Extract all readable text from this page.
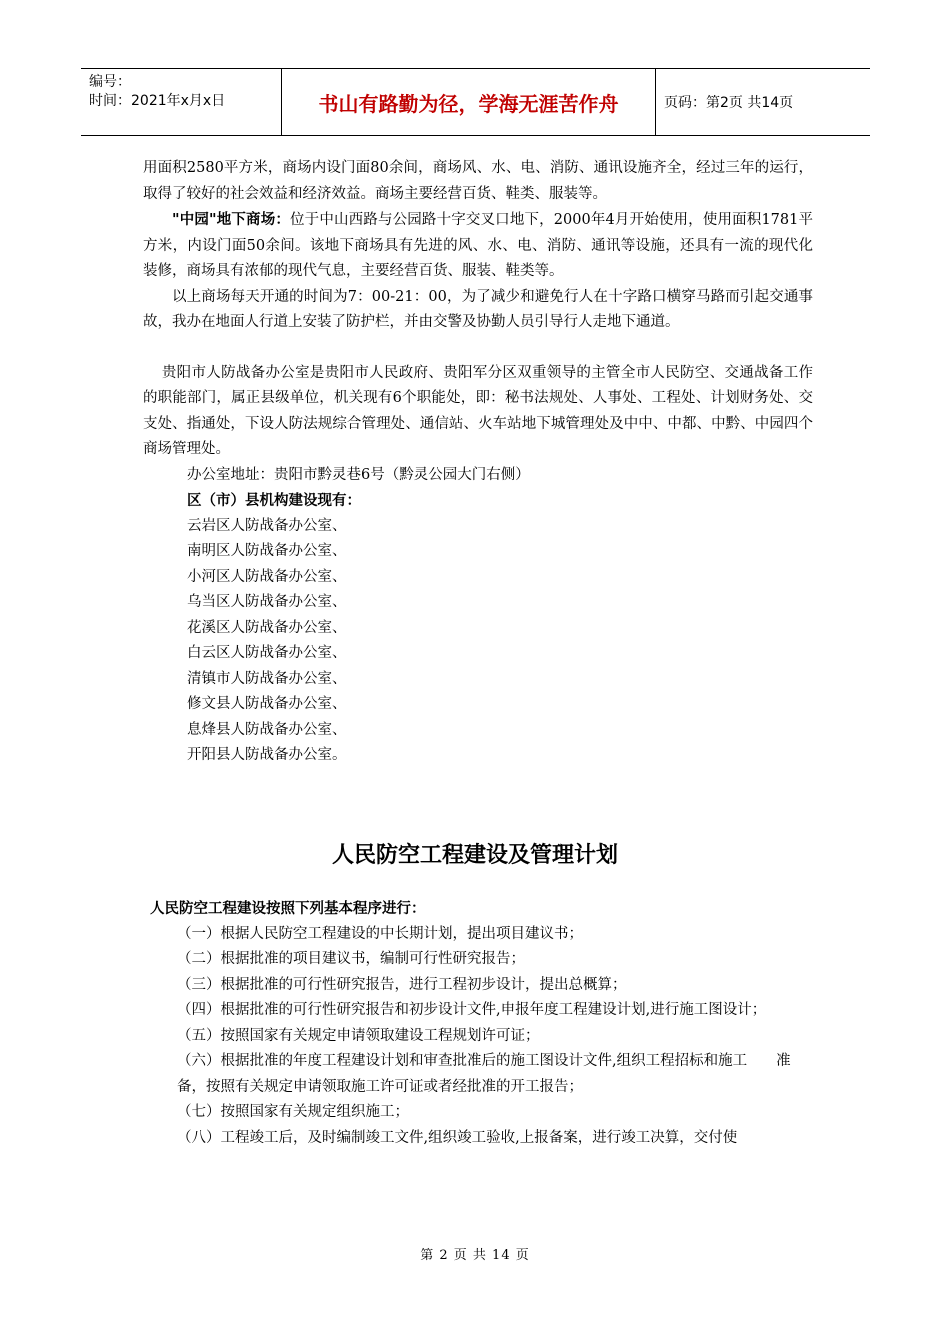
编号：
时间：2021年x月x日	书山有路勤为径，学海无涯苦作舟	页码：第2页 共14页

用面积2580平方米，商场内设门面80余间，商场风、水、电、消防、通讯设施齐全，经过三年的运行，取得了较好的社会效益和经济效益。商场主要经营百货、鞋类、服装等。

"中园"地下商场：位于中山西路与公园路十字交叉口地下，2000年4月开始使用，使用面积1781平方米，内设门面50余间。该地下商场具有先进的风、水、电、消防、通讯等设施，还具有一流的现代化装修，商场具有浓郁的现代气息，主要经营百货、服装、鞋类等。

以上商场每天开通的时间为7：00-21：00，为了减少和避免行人在十字路口横穿马路而引起交通事故，我办在地面人行道上安装了防护栏，并由交警及协勤人员引导行人走地下通道。

贵阳市人防战备办公室是贵阳市人民政府、贵阳军分区双重领导的主管全市人民防空、交通战备工作的职能部门，属正县级单位，机关现有6个职能处，即：秘书法规处、人事处、工程处、计划财务处、交支处、指通处，下设人防法规综合管理处、通信站、火车站地下城管理处及中中、中都、中黔、中园四个商场管理处。

办公室地址：贵阳市黔灵巷6号（黔灵公园大门右侧）

区（市）县机构建设现有：

云岩区人防战备办公室、

南明区人防战备办公室、

小河区人防战备办公室、

乌当区人防战备办公室、

花溪区人防战备办公室、

白云区人防战备办公室、

清镇市人防战备办公室、

修文县人防战备办公室、

息烽县人防战备办公室、

开阳县人防战备办公室。

人民防空工程建设及管理计划

人民防空工程建设按照下列基本程序进行：

（一）根据人民防空工程建设的中长期计划，提出项目建议书；

（二）根据批准的项目建议书，编制可行性研究报告；

（三）根据批准的可行性研究报告，进行工程初步设计，提出总概算；

（四）根据批准的可行性研究报告和初步设计文件,申报年度工程建设计划,进行施工图设计；

（五）按照国家有关规定申请领取建设工程规划许可证；

（六）根据批准的年度工程建设计划和审查批准后的施工图设计文件,组织工程招标和施工　　准备，按照有关规定申请领取施工许可证或者经批准的开工报告；

（七）按照国家有关规定组织施工；

（八）工程竣工后，及时编制竣工文件,组织竣工验收,上报备案，进行竣工决算，交付使

第 2 页 共 14 页
